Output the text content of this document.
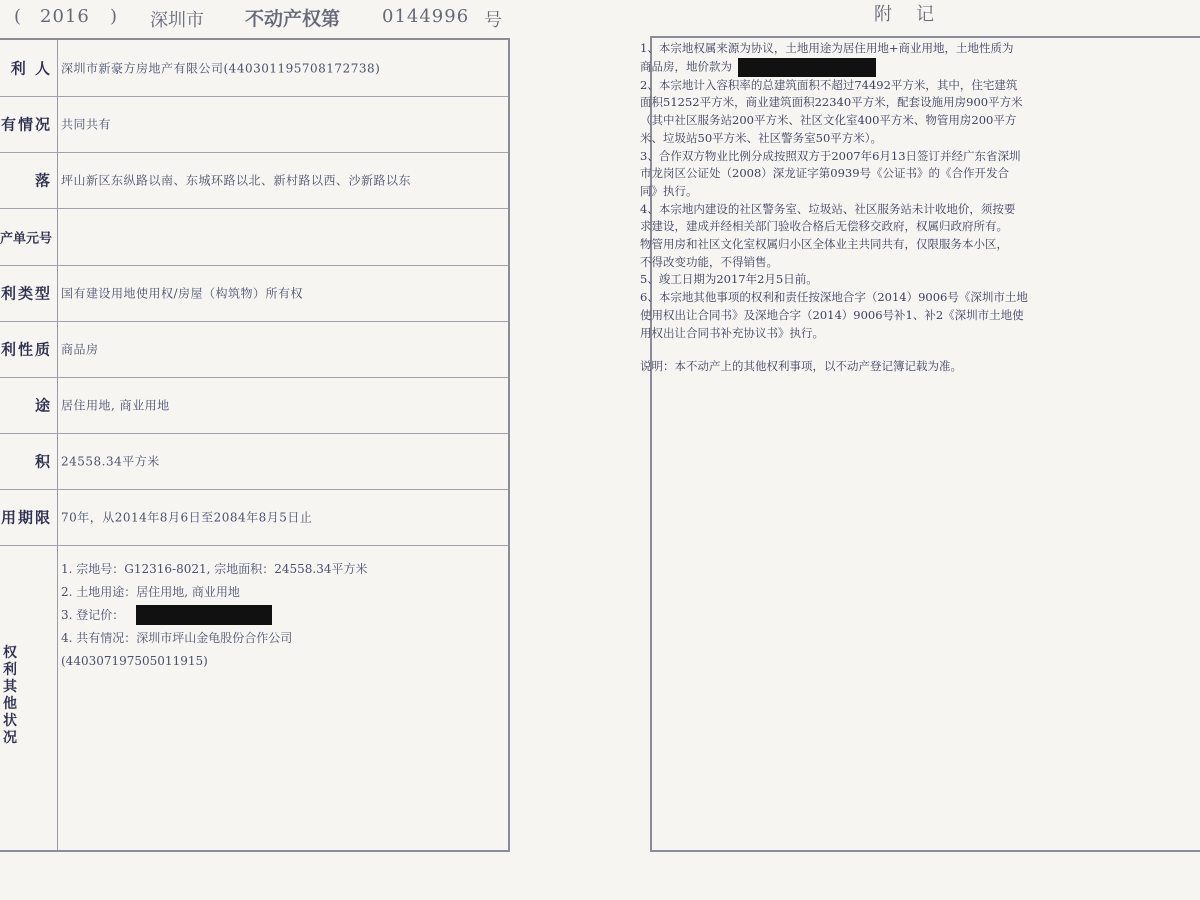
( 2016 ) 深圳市 不动产权第 0144996 号
利 人 深圳市新豪方房地产有限公司(440301195708172738)
有情况 共同共有
落 坪山新区东纵路以南、东城环路以北、新村路以西、沙新路以东
产单元号
利类型 国有建设用地使用权/房屋（构筑物）所有权
利性质 商品房
途 居住用地, 商业用地
积 24558.34平方米
用期限 70年，从2014年8月6日至2084年8月5日止
1. 宗地号：G12316-8021, 宗地面积：24558.34平方米
2. 土地用途：居住用地, 商业用地
3. 登记价：
4. 共有情况：深圳市坪山金龟股份合作公司
(440307197505011915)
权
利
其
他
状
况
附记

1、本宗地权属来源为协议，土地用途为居住用地+商业用地，土地性质为

商品房，地价款为

2、本宗地计入容积率的总建筑面积不超过74492平方米，其中，住宅建筑

面积51252平方米，商业建筑面积22340平方米，配套设施用房900平方米

（其中社区服务站200平方米、社区文化室400平方米、物管用房200平方

米、垃圾站50平方米、社区警务室50平方米）。

3、合作双方物业比例分成按照双方于2007年6月13日签订并经广东省深圳

市龙岗区公证处（2008）深龙证字第0939号《公证书》的《合作开发合

同》执行。

4、本宗地内建设的社区警务室、垃圾站、社区服务站未计收地价，须按要

求建设，建成并经相关部门验收合格后无偿移交政府，权属归政府所有。

物管用房和社区文化室权属归小区全体业主共同共有，仅限服务本小区，

不得改变功能，不得销售。

5、竣工日期为2017年2月5日前。

6、本宗地其他事项的权利和责任按深地合字（2014）9006号《深圳市土地

使用权出让合同书》及深地合字（2014）9006号补1、补2《深圳市土地使

用权出让合同书补充协议书》执行。

说明：本不动产上的其他权利事项，以不动产登记簿记载为准。
